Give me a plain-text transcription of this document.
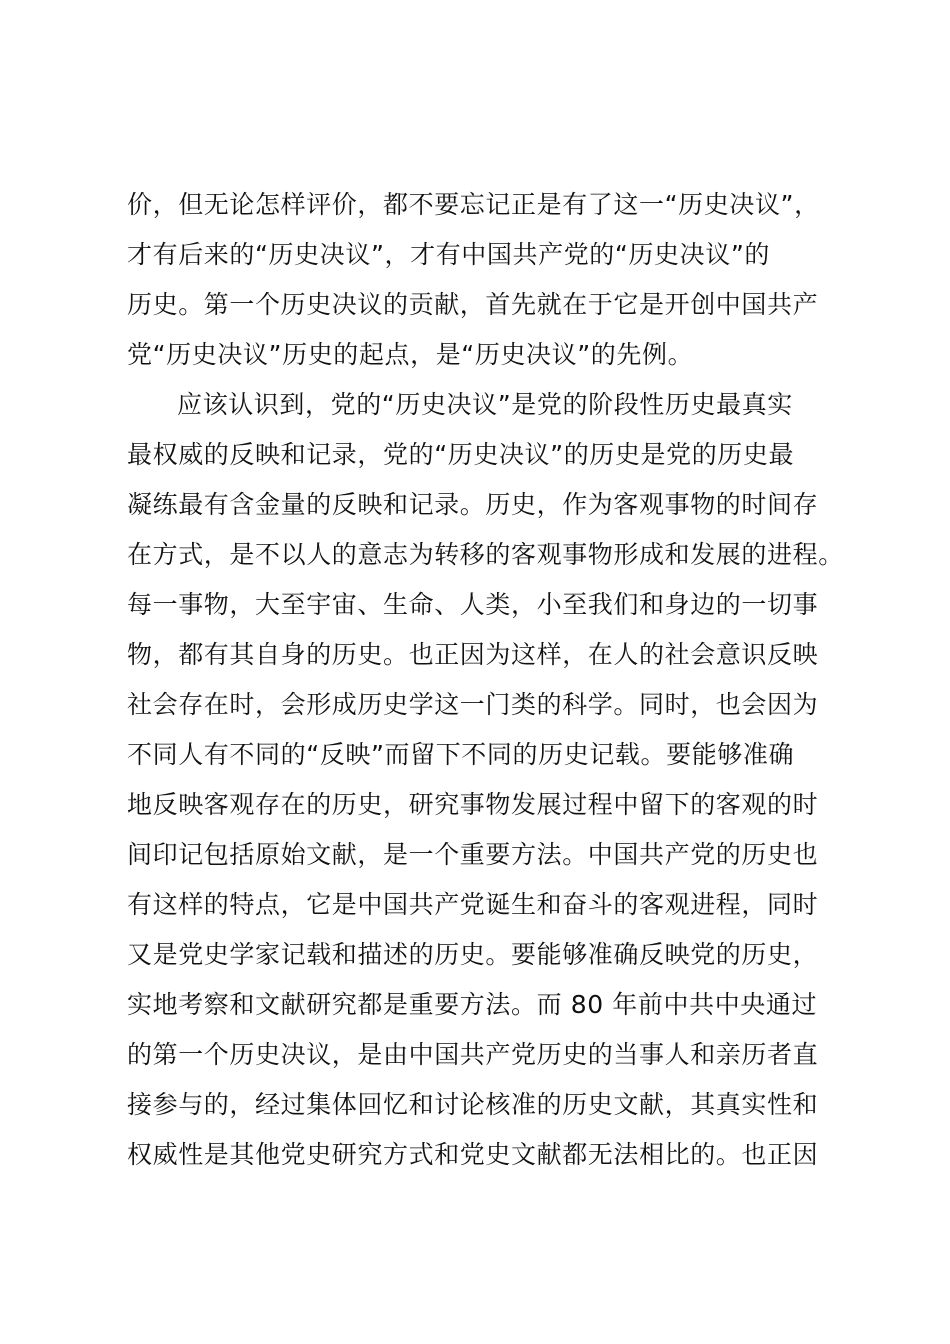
价，但无论怎样评价，都不要忘记正是有了这一“历史决议”，
才有后来的“历史决议”，才有中国共产党的“历史决议”的
历史。第一个历史决议的贡献，首先就在于它是开创中国共产
党“历史决议”历史的起点，是“历史决议”的先例。
应该认识到，党的“历史决议”是党的阶段性历史最真实
最权威的反映和记录，党的“历史决议”的历史是党的历史最
凝练最有含金量的反映和记录。历史，作为客观事物的时间存
在方式，是不以人的意志为转移的客观事物形成和发展的进程。
每一事物，大至宇宙、生命、人类，小至我们和身边的一切事
物，都有其自身的历史。也正因为这样，在人的社会意识反映
社会存在时，会形成历史学这一门类的科学。同时，也会因为
不同人有不同的“反映”而留下不同的历史记载。要能够准确
地反映客观存在的历史，研究事物发展过程中留下的客观的时
间印记包括原始文献，是一个重要方法。中国共产党的历史也
有这样的特点，它是中国共产党诞生和奋斗的客观进程，同时
又是党史学家记载和描述的历史。要能够准确反映党的历史，
实地考察和文献研究都是重要方法。而 80 年前中共中央通过
的第一个历史决议，是由中国共产党历史的当事人和亲历者直
接参与的，经过集体回忆和讨论核准的历史文献，其真实性和
权威性是其他党史研究方式和党史文献都无法相比的。也正因
